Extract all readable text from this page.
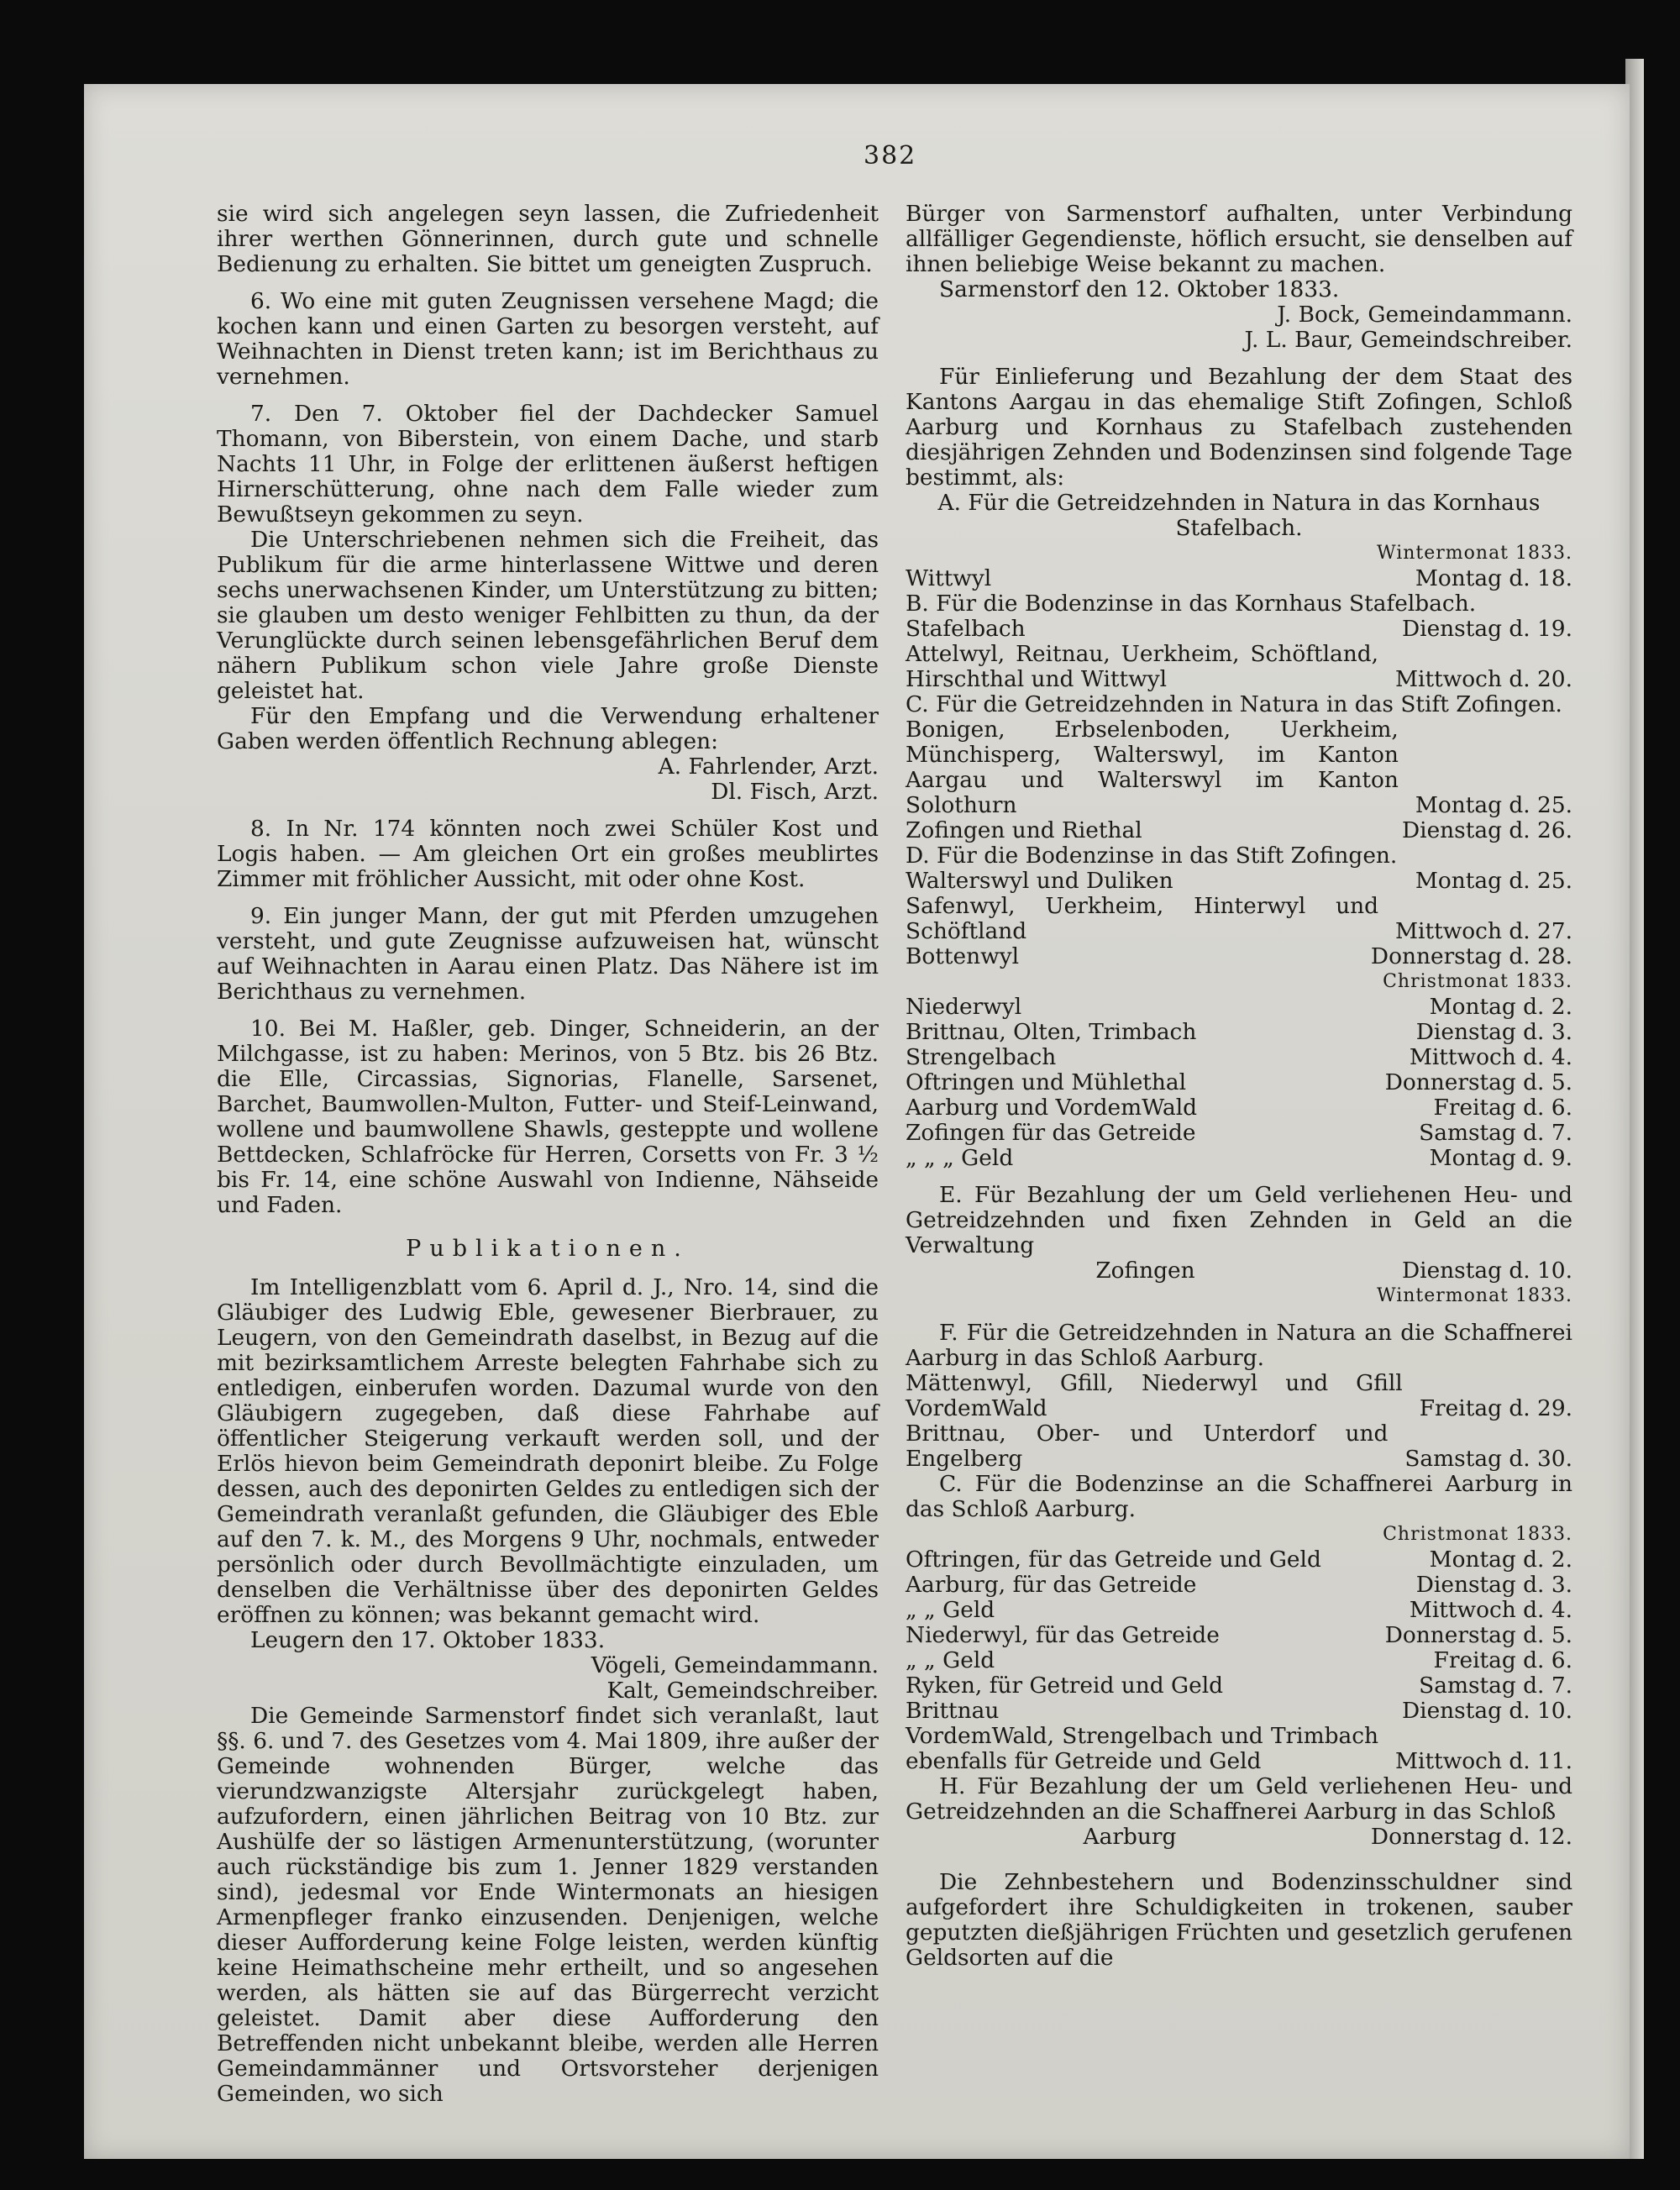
382

sie wird sich angelegen seyn lassen, die Zufriedenheit ihrer werthen Gönnerinnen, durch gute und schnelle Bedienung zu erhalten. Sie bittet um geneigten Zuspruch.

6. Wo eine mit guten Zeugnissen versehene Magd; die kochen kann und einen Garten zu besorgen versteht, auf Weihnachten in Dienst treten kann; ist im Berichthaus zu vernehmen.

7. Den 7. Oktober fiel der Dachdecker Samuel Thomann, von Biberstein, von einem Dache, und starb Nachts 11 Uhr, in Folge der erlittenen äußerst heftigen Hirnerschütterung, ohne nach dem Falle wieder zum Bewußtseyn gekommen zu seyn.

Die Unterschriebenen nehmen sich die Freiheit, das Publikum für die arme hinterlassene Wittwe und deren sechs unerwachsenen Kinder, um Unterstützung zu bitten; sie glauben um desto weniger Fehlbitten zu thun, da der Verunglückte durch seinen lebensgefährlichen Beruf dem nähern Publikum schon viele Jahre große Dienste geleistet hat.

Für den Empfang und die Verwendung erhaltener Gaben werden öffentlich Rechnung ablegen:

A. Fahrlender, Arzt.

Dl. Fisch, Arzt.

8. In Nr. 174 könnten noch zwei Schüler Kost und Logis haben. — Am gleichen Ort ein großes meublirtes Zimmer mit fröhlicher Aussicht, mit oder ohne Kost.

9. Ein junger Mann, der gut mit Pferden umzugehen versteht, und gute Zeugnisse aufzuweisen hat, wünscht auf Weihnachten in Aarau einen Platz. Das Nähere ist im Berichthaus zu vernehmen.

10. Bei M. Haßler, geb. Dinger, Schneiderin, an der Milchgasse, ist zu haben: Merinos, von 5 Btz. bis 26 Btz. die Elle, Circassias, Signorias, Flanelle, Sarsenet, Barchet, Baumwollen-Multon, Futter- und Steif-Leinwand, wollene und baumwollene Shawls, gesteppte und wollene Bettdecken, Schlafröcke für Herren, Corsetts von Fr. 3 ½ bis Fr. 14, eine schöne Auswahl von Indienne, Nähseide und Faden.

Publikationen.

Im Intelligenzblatt vom 6. April d. J., Nro. 14, sind die Gläubiger des Ludwig Eble, gewesener Bierbrauer, zu Leugern, von den Gemeindrath daselbst, in Bezug auf die mit bezirksamtlichem Arreste belegten Fahrhabe sich zu entledigen, einberufen worden. Dazumal wurde von den Gläubigern zugegeben, daß diese Fahrhabe auf öffentlicher Steigerung verkauft werden soll, und der Erlös hievon beim Gemeindrath deponirt bleibe. Zu Folge dessen, auch des deponirten Geldes zu entledigen sich der Gemeindrath veranlaßt gefunden, die Gläubiger des Eble auf den 7. k. M., des Morgens 9 Uhr, nochmals, entweder persönlich oder durch Bevollmächtigte einzuladen, um denselben die Verhältnisse über des deponirten Geldes eröffnen zu können; was bekannt gemacht wird.

Leugern den 17. Oktober 1833.

Vögeli, Gemeindammann.

Kalt, Gemeindschreiber.

Die Gemeinde Sarmenstorf findet sich veranlaßt, laut §§. 6. und 7. des Gesetzes vom 4. Mai 1809, ihre außer der Gemeinde wohnenden Bürger, welche das vierundzwanzigste Altersjahr zurückgelegt haben, aufzufordern, einen jährlichen Beitrag von 10 Btz. zur Aushülfe der so lästigen Armenunterstützung, (worunter auch rückständige bis zum 1. Jenner 1829 verstanden sind), jedesmal vor Ende Wintermonats an hiesigen Armenpfleger franko einzusenden. Denjenigen, welche dieser Aufforderung keine Folge leisten, werden künftig keine Heimathscheine mehr ertheilt, und so angesehen werden, als hätten sie auf das Bürgerrecht verzicht geleistet. Damit aber diese Aufforderung den Betreffenden nicht unbekannt bleibe, werden alle Herren Gemeindammänner und Ortsvorsteher derjenigen Gemeinden, wo sich

Bürger von Sarmenstorf aufhalten, unter Verbindung allfälliger Gegendienste, höflich ersucht, sie denselben auf ihnen beliebige Weise bekannt zu machen.

Sarmenstorf den 12. Oktober 1833.

J. Bock, Gemeindammann.

J. L. Baur, Gemeindschreiber.

Für Einlieferung und Bezahlung der dem Staat des Kantons Aargau in das ehemalige Stift Zofingen, Schloß Aarburg und Kornhaus zu Stafelbach zustehenden diesjährigen Zehnden und Bodenzinsen sind folgende Tage bestimmt, als:

A. Für die Getreidzehnden in Natura in das Kornhaus Stafelbach.

Wintermonat 1833.

Wittwyl	Montag d. 18.

B. Für die Bodenzinse in das Kornhaus Stafelbach.

Stafelbach	Dienstag d. 19.
Attelwyl, Reitnau, Uerkheim, Schöftland, Hirschthal und Wittwyl	Mittwoch d. 20.

C. Für die Getreidzehnden in Natura in das Stift Zofingen.

Bonigen, Erbselenboden, Uerkheim, Münchisperg, Walterswyl, im Kanton Aargau und Walterswyl im Kanton Solothurn	Montag d. 25.
Zofingen und Riethal	Dienstag d. 26.

D. Für die Bodenzinse in das Stift Zofingen.

Walterswyl und Duliken	Montag d. 25.
Safenwyl, Uerkheim, Hinterwyl und Schöftland	Mittwoch d. 27.
Bottenwyl	Donnerstag d. 28.

Christmonat 1833.

Niederwyl	Montag d. 2.
Brittnau, Olten, Trimbach	Dienstag d. 3.
Strengelbach	Mittwoch d. 4.
Oftringen und Mühlethal	Donnerstag d. 5.
Aarburg und VordemWald	Freitag d. 6.
Zofingen für das Getreide	Samstag d. 7.
„ „ „ Geld	Montag d. 9.

E. Für Bezahlung der um Geld verliehenen Heu- und Getreidzehnden und fixen Zehnden in Geld an die Verwaltung

Zofingen	Dienstag d. 10.

Wintermonat 1833.

F. Für die Getreidzehnden in Natura an die Schaffnerei Aarburg in das Schloß Aarburg.

Mättenwyl, Gfill, Niederwyl und Gfill VordemWald	Freitag d. 29.
Brittnau, Ober- und Unterdorf und Engelberg	Samstag d. 30.

C. Für die Bodenzinse an die Schaffnerei Aarburg in das Schloß Aarburg.

Christmonat 1833.

Oftringen, für das Getreide und Geld	Montag d. 2.
Aarburg, für das Getreide	Dienstag d. 3.
„ „ Geld	Mittwoch d. 4.
Niederwyl, für das Getreide	Donnerstag d. 5.
„ „ Geld	Freitag d. 6.
Ryken, für Getreid und Geld	Samstag d. 7.
Brittnau	Dienstag d. 10.
VordemWald, Strengelbach und Trimbach ebenfalls für Getreide und Geld	Mittwoch d. 11.

H. Für Bezahlung der um Geld verliehenen Heu- und Getreidzehnden an die Schaffnerei Aarburg in das Schloß

Aarburg	Donnerstag d. 12.

Die Zehnbestehern und Bodenzinsschuldner sind aufgefordert ihre Schuldigkeiten in trokenen, sauber geputzten dießjährigen Früchten und gesetzlich gerufenen Geldsorten auf die
